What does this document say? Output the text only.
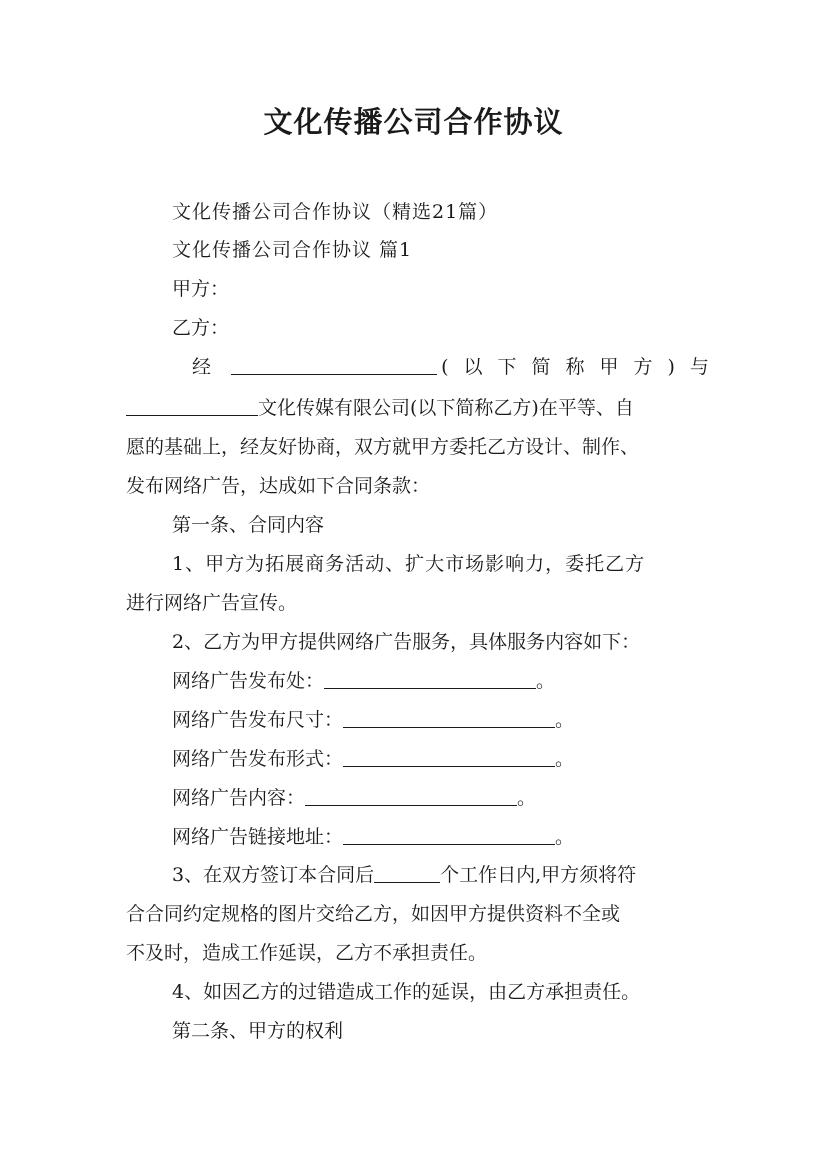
文化传播公司合作协议
文化传播公司合作协议（精选21篇）
文化传播公司合作协议 篇1
甲方：
乙方：
经	(以下简称甲方)与
文化传媒有限公司(以下简称乙方)在平等、自
愿的基础上，经友好协商，双方就甲方委托乙方设计、制作、
发布网络广告，达成如下合同条款：
第一条、合同内容
1、甲方为拓展商务活动、扩大市场影响力，委托乙方
进行网络广告宣传。
2、乙方为甲方提供网络广告服务，具体服务内容如下：
网络广告发布处：	。
网络广告发布尺寸：	。
网络广告发布形式：	。
网络广告内容：	。
网络广告链接地址：	。
3、在双方签订本合同后	个工作日内,甲方须将符
合合同约定规格的图片交给乙方，如因甲方提供资料不全或
不及时，造成工作延误，乙方不承担责任。
4、如因乙方的过错造成工作的延误，由乙方承担责任。
第二条、甲方的权利
